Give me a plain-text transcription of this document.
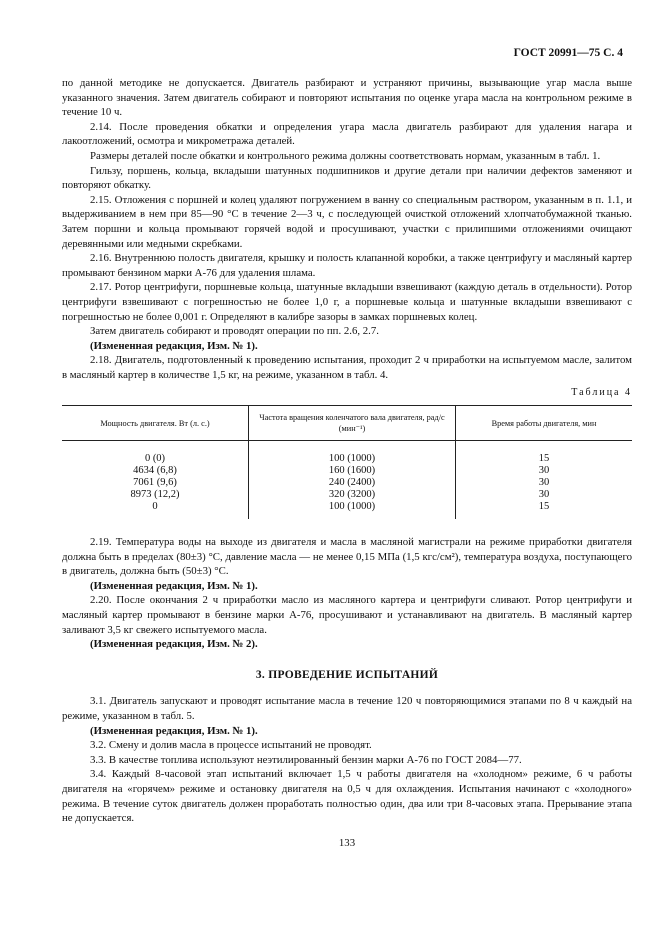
ГОСТ 20991—75 С. 4

по данной методике не допускается. Двигатель разбирают и устраняют причины, вызывающие угар масла выше указанного значения. Затем двигатель собирают и повторяют испытания по оценке угара масла на контрольном режиме в течение 10 ч.

2.14. После проведения обкатки и определения угара масла двигатель разбирают для удаления нагара и лакоотложений, осмотра и микрометража деталей.

Размеры деталей после обкатки и контрольного режима должны соответствовать нормам, указанным в табл. 1.

Гильзу, поршень, кольца, вкладыши шатунных подшипников и другие детали при наличии дефектов заменяют и повторяют обкатку.

2.15. Отложения с поршней и колец удаляют погружением в ванну со специальным раствором, указанным в п. 1.1, и выдерживанием в нем при 85—90 °С в течение 2—3 ч, с последующей очисткой отложений хлопчатобумажной тканью. Затем поршни и кольца промывают горячей водой и просушивают, участки с прилипшими отложениями очищают деревянными или медными скребками.

2.16. Внутреннюю полость двигателя, крышку и полость клапанной коробки, а также центрифугу и масляный картер промывают бензином марки А-76 для удаления шлама.

2.17. Ротор центрифуги, поршневые кольца, шатунные вкладыши взвешивают (каждую деталь в отдельности). Ротор центрифуги взвешивают с погрешностью не более 1,0 г, а поршневые кольца и шатунные вкладыши взвешивают с погрешностью не более 0,001 г. Определяют в калибре зазоры в замках поршневых колец.

Затем двигатель собирают и проводят операции по пп. 2.6, 2.7.

(Измененная редакция, Изм. № 1).

2.18. Двигатель, подготовленный к проведению испытания, проходит 2 ч приработки на испытуемом масле, залитом в масляный картер в количестве 1,5 кг, на режиме, указанном в табл. 4.

Таблица 4
Мощность двигателя. Вт (л. с.)	Частота вращения коленчатого вала двигателя, рад/с (мин⁻¹)	Время работы двигателя, мин
0 (0)	100 (1000)	15
4634 (6,8)	160 (1600)	30
7061 (9,6)	240 (2400)	30
8973 (12,2)	320 (3200)	30
0	100 (1000)	15

2.19. Температура воды на выходе из двигателя и масла в масляной магистрали на режиме приработки двигателя должна быть в пределах (80±3) °С, давление масла — не менее 0,15 МПа (1,5 кгс/см²), температура воздуха, поступающего в двигатель, должна быть (50±3) °С.

(Измененная редакция, Изм. № 1).

2.20. После окончания 2 ч приработки масло из масляного картера и центрифуги сливают. Ротор центрифуги и масляный картер промывают в бензине марки А-76, просушивают и устанавливают на двигатель. В масляный картер заливают 3,5 кг свежего испытуемого масла.

(Измененная редакция, Изм. № 2).

3. ПРОВЕДЕНИЕ ИСПЫТАНИЙ

3.1. Двигатель запускают и проводят испытание масла в течение 120 ч повторяющимися этапами по 8 ч каждый на режиме, указанном в табл. 5.

(Измененная редакция, Изм. № 1).

3.2. Смену и долив масла в процессе испытаний не проводят.

3.3. В качестве топлива используют неэтилированный бензин марки А-76 по ГОСТ 2084—77.

3.4. Каждый 8-часовой этап испытаний включает 1,5 ч работы двигателя на «холодном» режиме, 6 ч работы двигателя на «горячем» режиме и остановку двигателя на 0,5 ч для охлаждения. Испытания начинают с «холодного» режима. В течение суток двигатель должен проработать полностью один, два или три 8-часовых этапа. Прерывание этапа не допускается.

133
